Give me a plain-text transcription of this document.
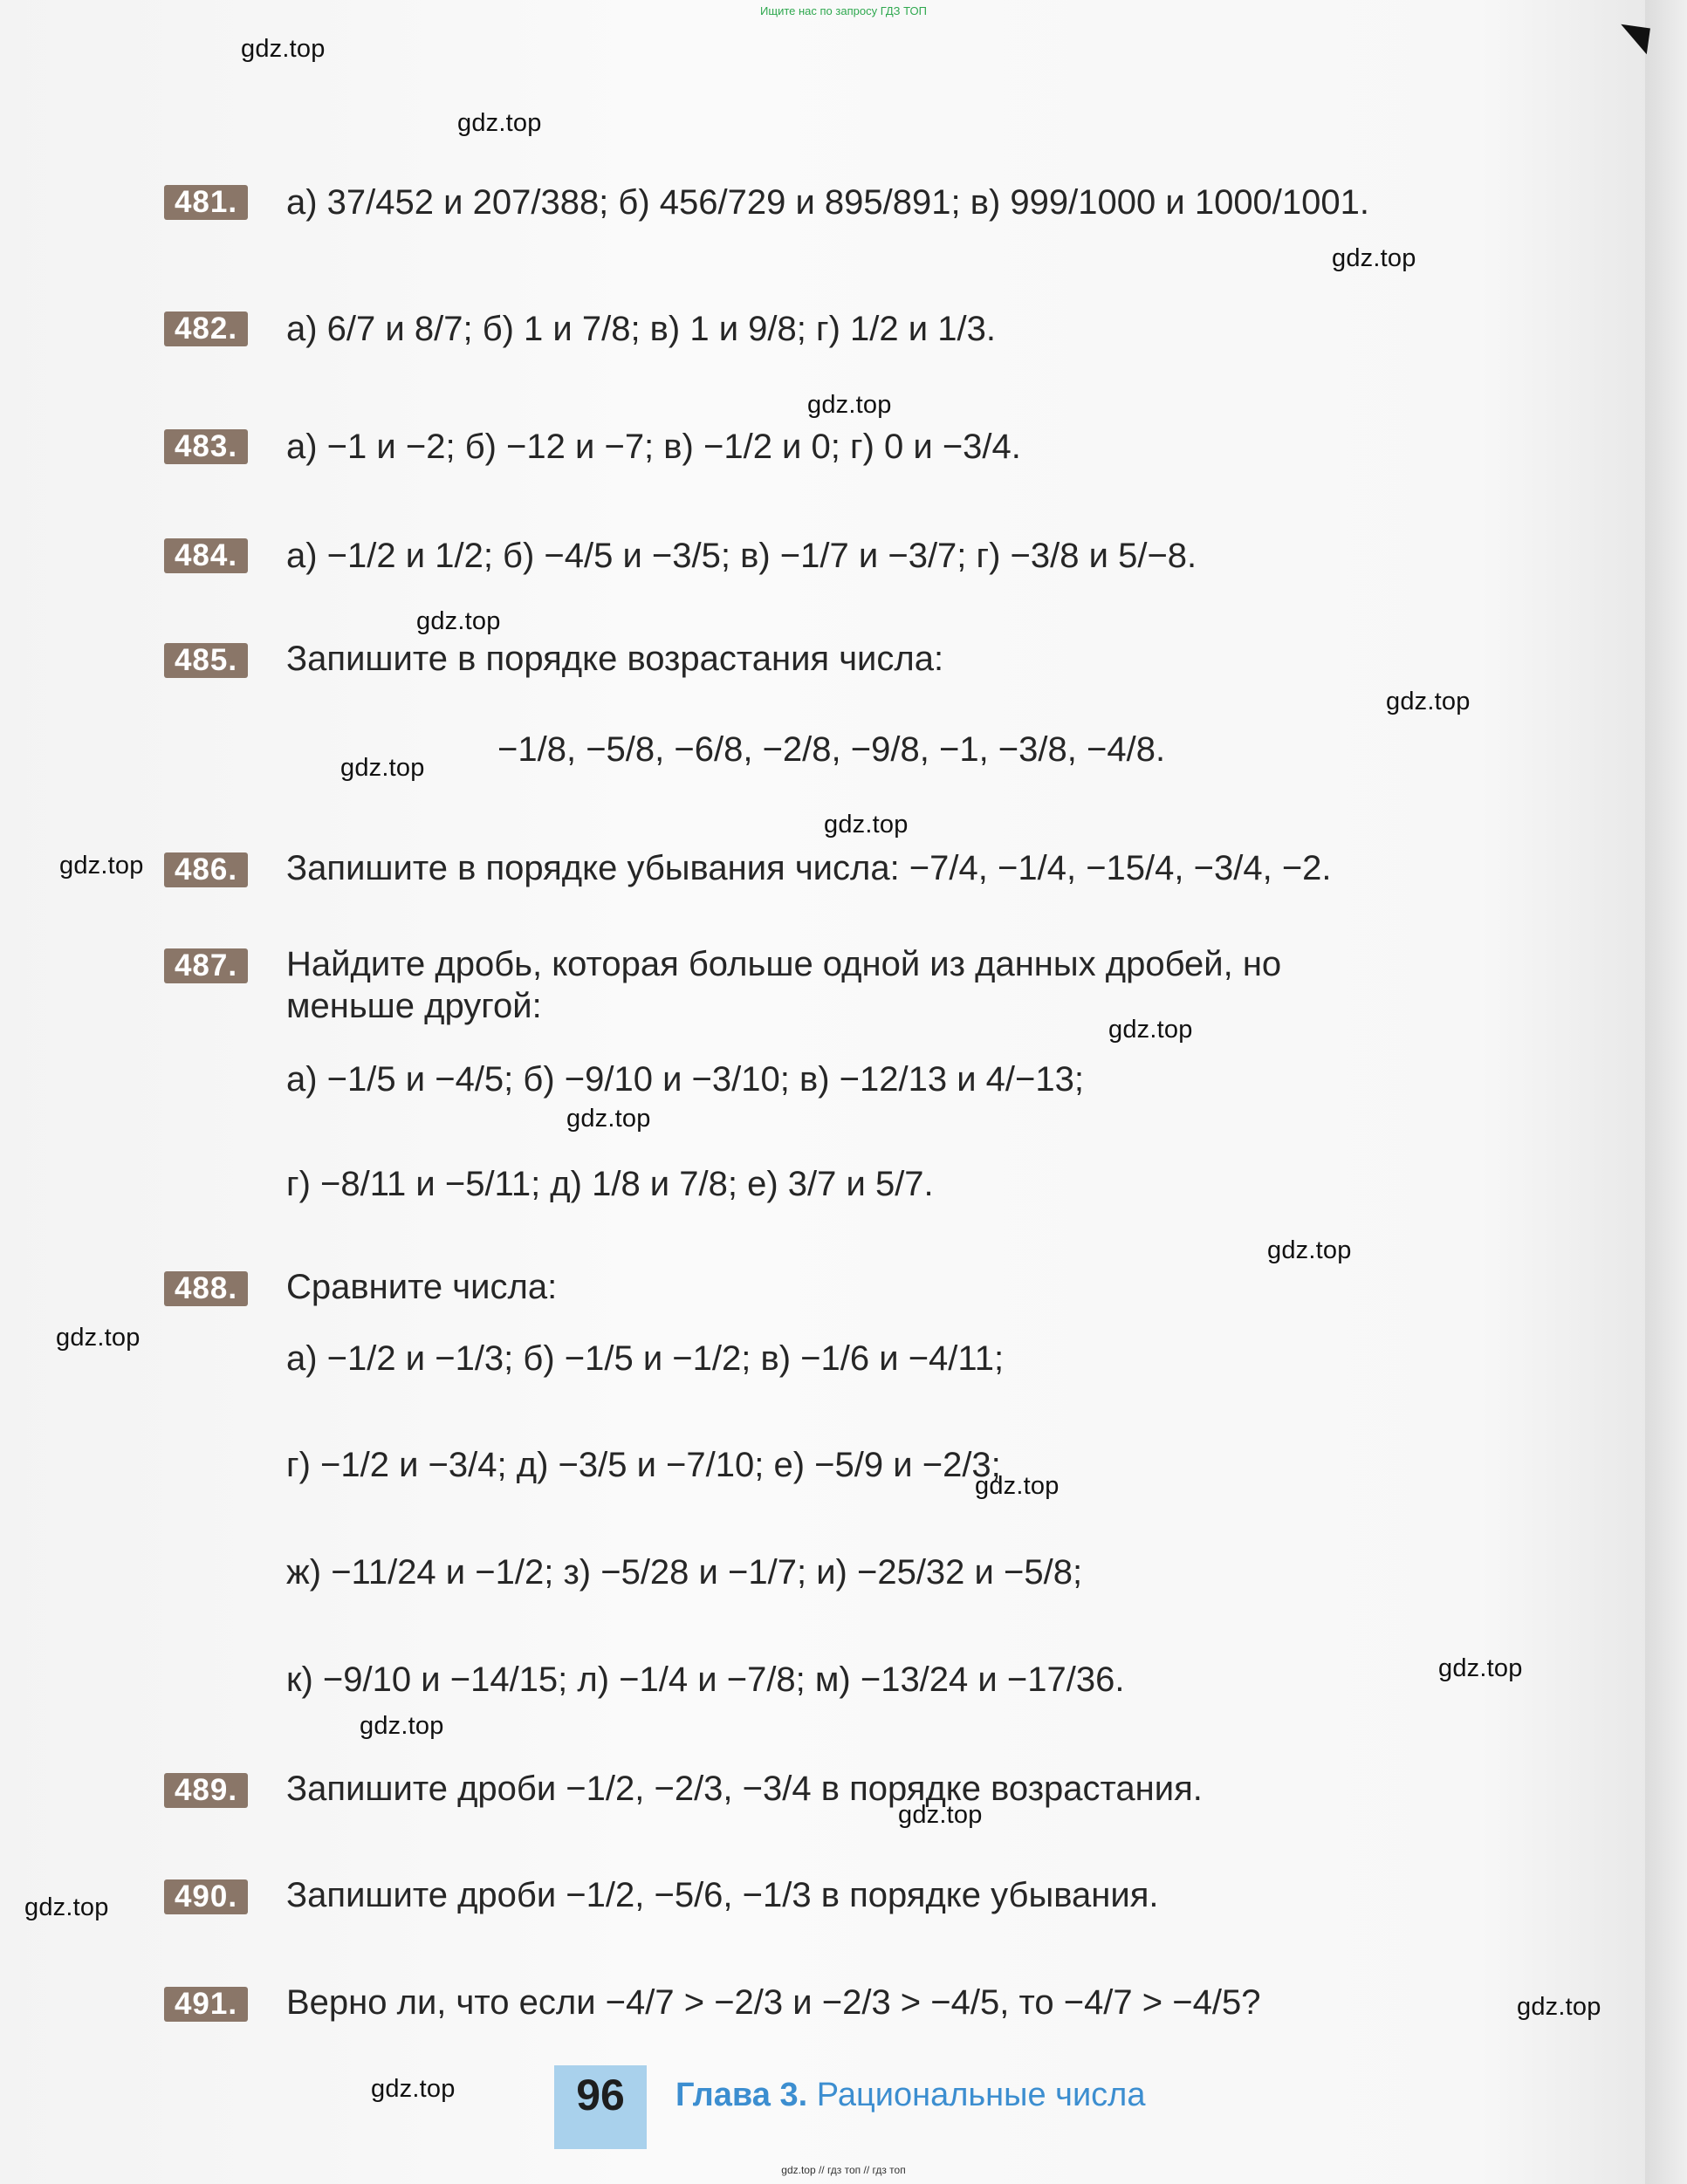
Ищите нас по запросу ГДЗ ТОП
gdz.top
gdz.top
gdz.top
gdz.top
gdz.top
gdz.top
gdz.top
gdz.top
gdz.top
gdz.top
gdz.top
gdz.top
gdz.top
gdz.top
gdz.top
gdz.top
gdz.top
gdz.top
gdz.top
gdz.top
481. а) 37/452 и 207/388; б) 456/729 и 895/891; в) 999/1000 и 1000/1001.
482. а) 6/7 и 8/7; б) 1 и 7/8; в) 1 и 9/8; г) 1/2 и 1/3.
483. а) −1 и −2; б) −12 и −7; в) −1/2 и 0; г) 0 и −3/4.
484. а) −1/2 и 1/2; б) −4/5 и −3/5; в) −1/7 и −3/7; г) −3/8 и 5/−8.
485. Запишите в порядке возрастания числа:
−1/8, −5/8, −6/8, −2/8, −9/8, −1, −3/8, −4/8.
486. Запишите в порядке убывания числа: −7/4, −1/4, −15/4, −3/4, −2.
487. Найдите дробь, которая больше одной из данных дробей, но
меньше другой:
а) −1/5 и −4/5; б) −9/10 и −3/10; в) −12/13 и 4/−13;
г) −8/11 и −5/11; д) 1/8 и 7/8; е) 3/7 и 5/7.
488. Сравните числа:
а) −1/2 и −1/3; б) −1/5 и −1/2; в) −1/6 и −4/11;
г) −1/2 и −3/4; д) −3/5 и −7/10; е) −5/9 и −2/3;
ж) −11/24 и −1/2; з) −5/28 и −1/7; и) −25/32 и −5/8;
к) −9/10 и −14/15; л) −1/4 и −7/8; м) −13/24 и −17/36.
489. Запишите дроби −1/2, −2/3, −3/4 в порядке возрастания.
490. Запишите дроби −1/2, −5/6, −1/3 в порядке убывания.
491. Верно ли, что если −4/7 > −2/3 и −2/3 > −4/5, то −4/7 > −4/5?
96	Глава 3. Рациональные числа
gdz.top // гдз топ // гдз топ
